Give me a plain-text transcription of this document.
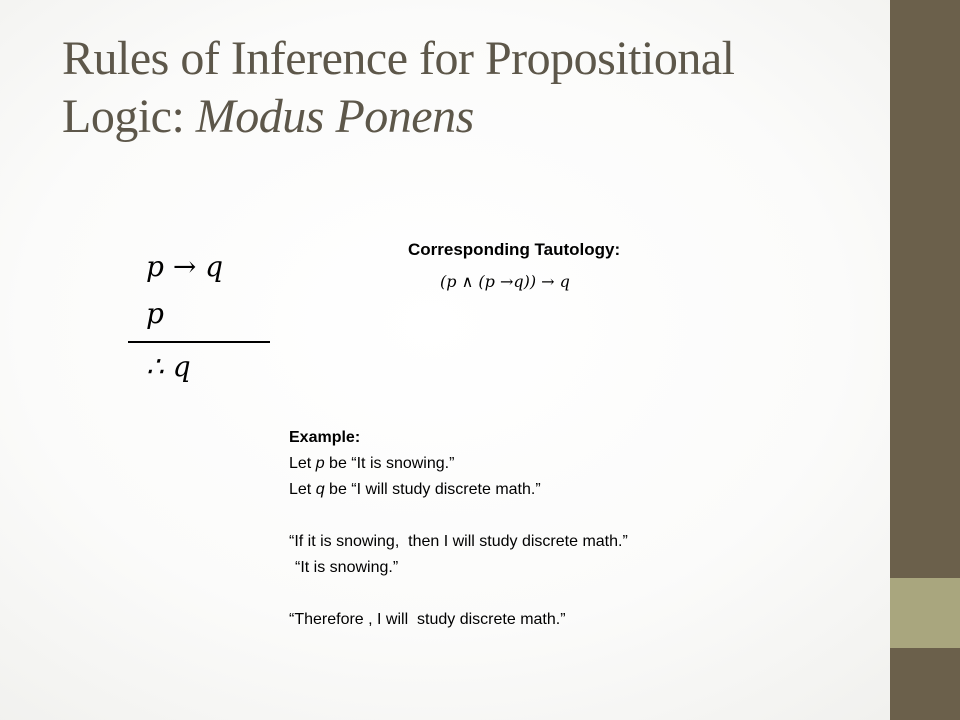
Rules of Inference for Propositional
Logic: Modus Ponens
p → q
p
∴ q
Corresponding Tautology:
(p ∧ (p →q)) → q
Example:
Let p be “It is snowing.”
Let q be “I will study discrete math.”
“If it is snowing,  then I will study discrete math.”
“It is snowing.”
“Therefore , I will  study discrete math.”
